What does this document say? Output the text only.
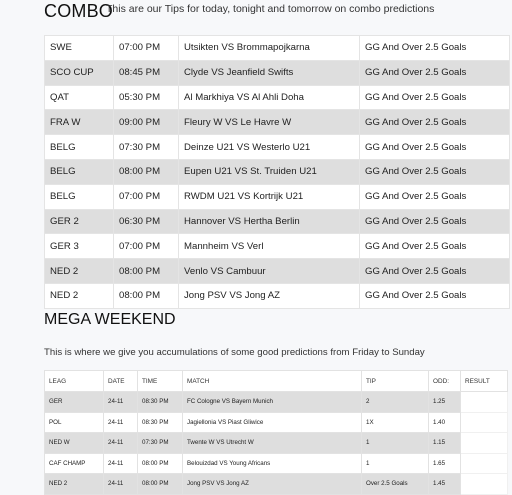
COMBO
This are our Tips for today, tonight and tomorrow on combo predictions
SWE	07:00 PM	Utsikten VS Brommapojkarna	GG And Over 2.5 Goals
SCO CUP	08:45 PM	Clyde VS Jeanfield Swifts	GG And Over 2.5 Goals
QAT	05:30 PM	Al Markhiya VS Al Ahli Doha	GG And Over 2.5 Goals
FRA W	09:00 PM	Fleury W VS Le Havre W	GG And Over 2.5 Goals
BELG	07:30 PM	Deinze U21 VS Westerlo U21	GG And Over 2.5 Goals
BELG	08:00 PM	Eupen U21 VS St. Truiden U21	GG And Over 2.5 Goals
BELG	07:00 PM	RWDM U21 VS Kortrijk U21	GG And Over 2.5 Goals
GER 2	06:30 PM	Hannover VS Hertha Berlin	GG And Over 2.5 Goals
GER 3	07:00 PM	Mannheim VS Verl	GG And Over 2.5 Goals
NED 2	08:00 PM	Venlo VS Cambuur	GG And Over 2.5 Goals
NED 2	08:00 PM	Jong PSV VS Jong AZ	GG And Over 2.5 Goals
MEGA WEEKEND
This is where we give you accumulations of some good predictions from Friday to Sunday
LEAG	DATE	TIME	MATCH	TIP	ODD:	RESULT
GER	24-11	08:30 PM	FC Cologne VS Bayern Munich	2	1.25	
POL	24-11	08:30 PM	Jagiellonia VS Piast Gliwice	1X	1.40	
NED W	24-11	07:30 PM	Twente W VS Utrecht W	1	1.15	
CAF CHAMP	24-11	08:00 PM	Belouizdad VS Young Africans	1	1.65	
NED 2	24-11	08:00 PM	Jong PSV VS Jong AZ	Over 2.5 Goals	1.45	
